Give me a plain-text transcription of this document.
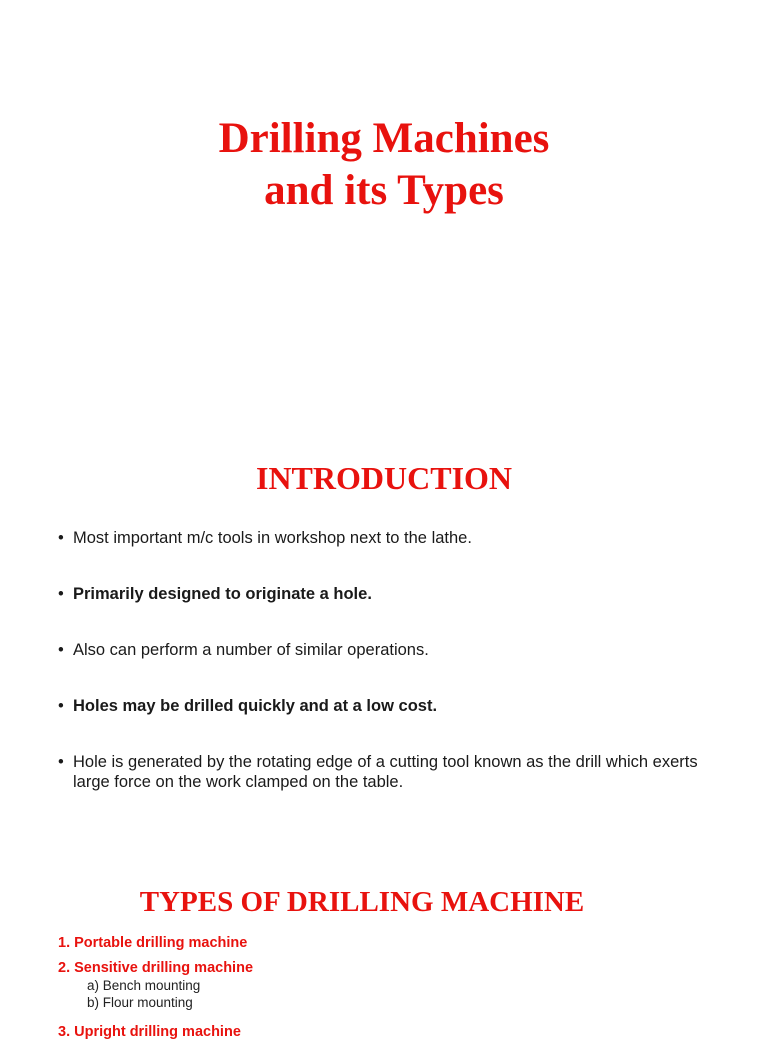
Drilling Machines
and its Types
INTRODUCTION
• Most important m/c tools in workshop next to the lathe.
• Primarily designed to originate a hole.
• Also can perform a number of similar operations.
• Holes may be drilled quickly and at a low cost.
• Hole is generated by the rotating edge of a cutting tool known as the drill which exerts large force on the work clamped on the table.
TYPES OF DRILLING MACHINE
1. Portable drilling machine
2. Sensitive drilling machine
a) Bench mounting
b) Flour mounting
3. Upright drilling machine
